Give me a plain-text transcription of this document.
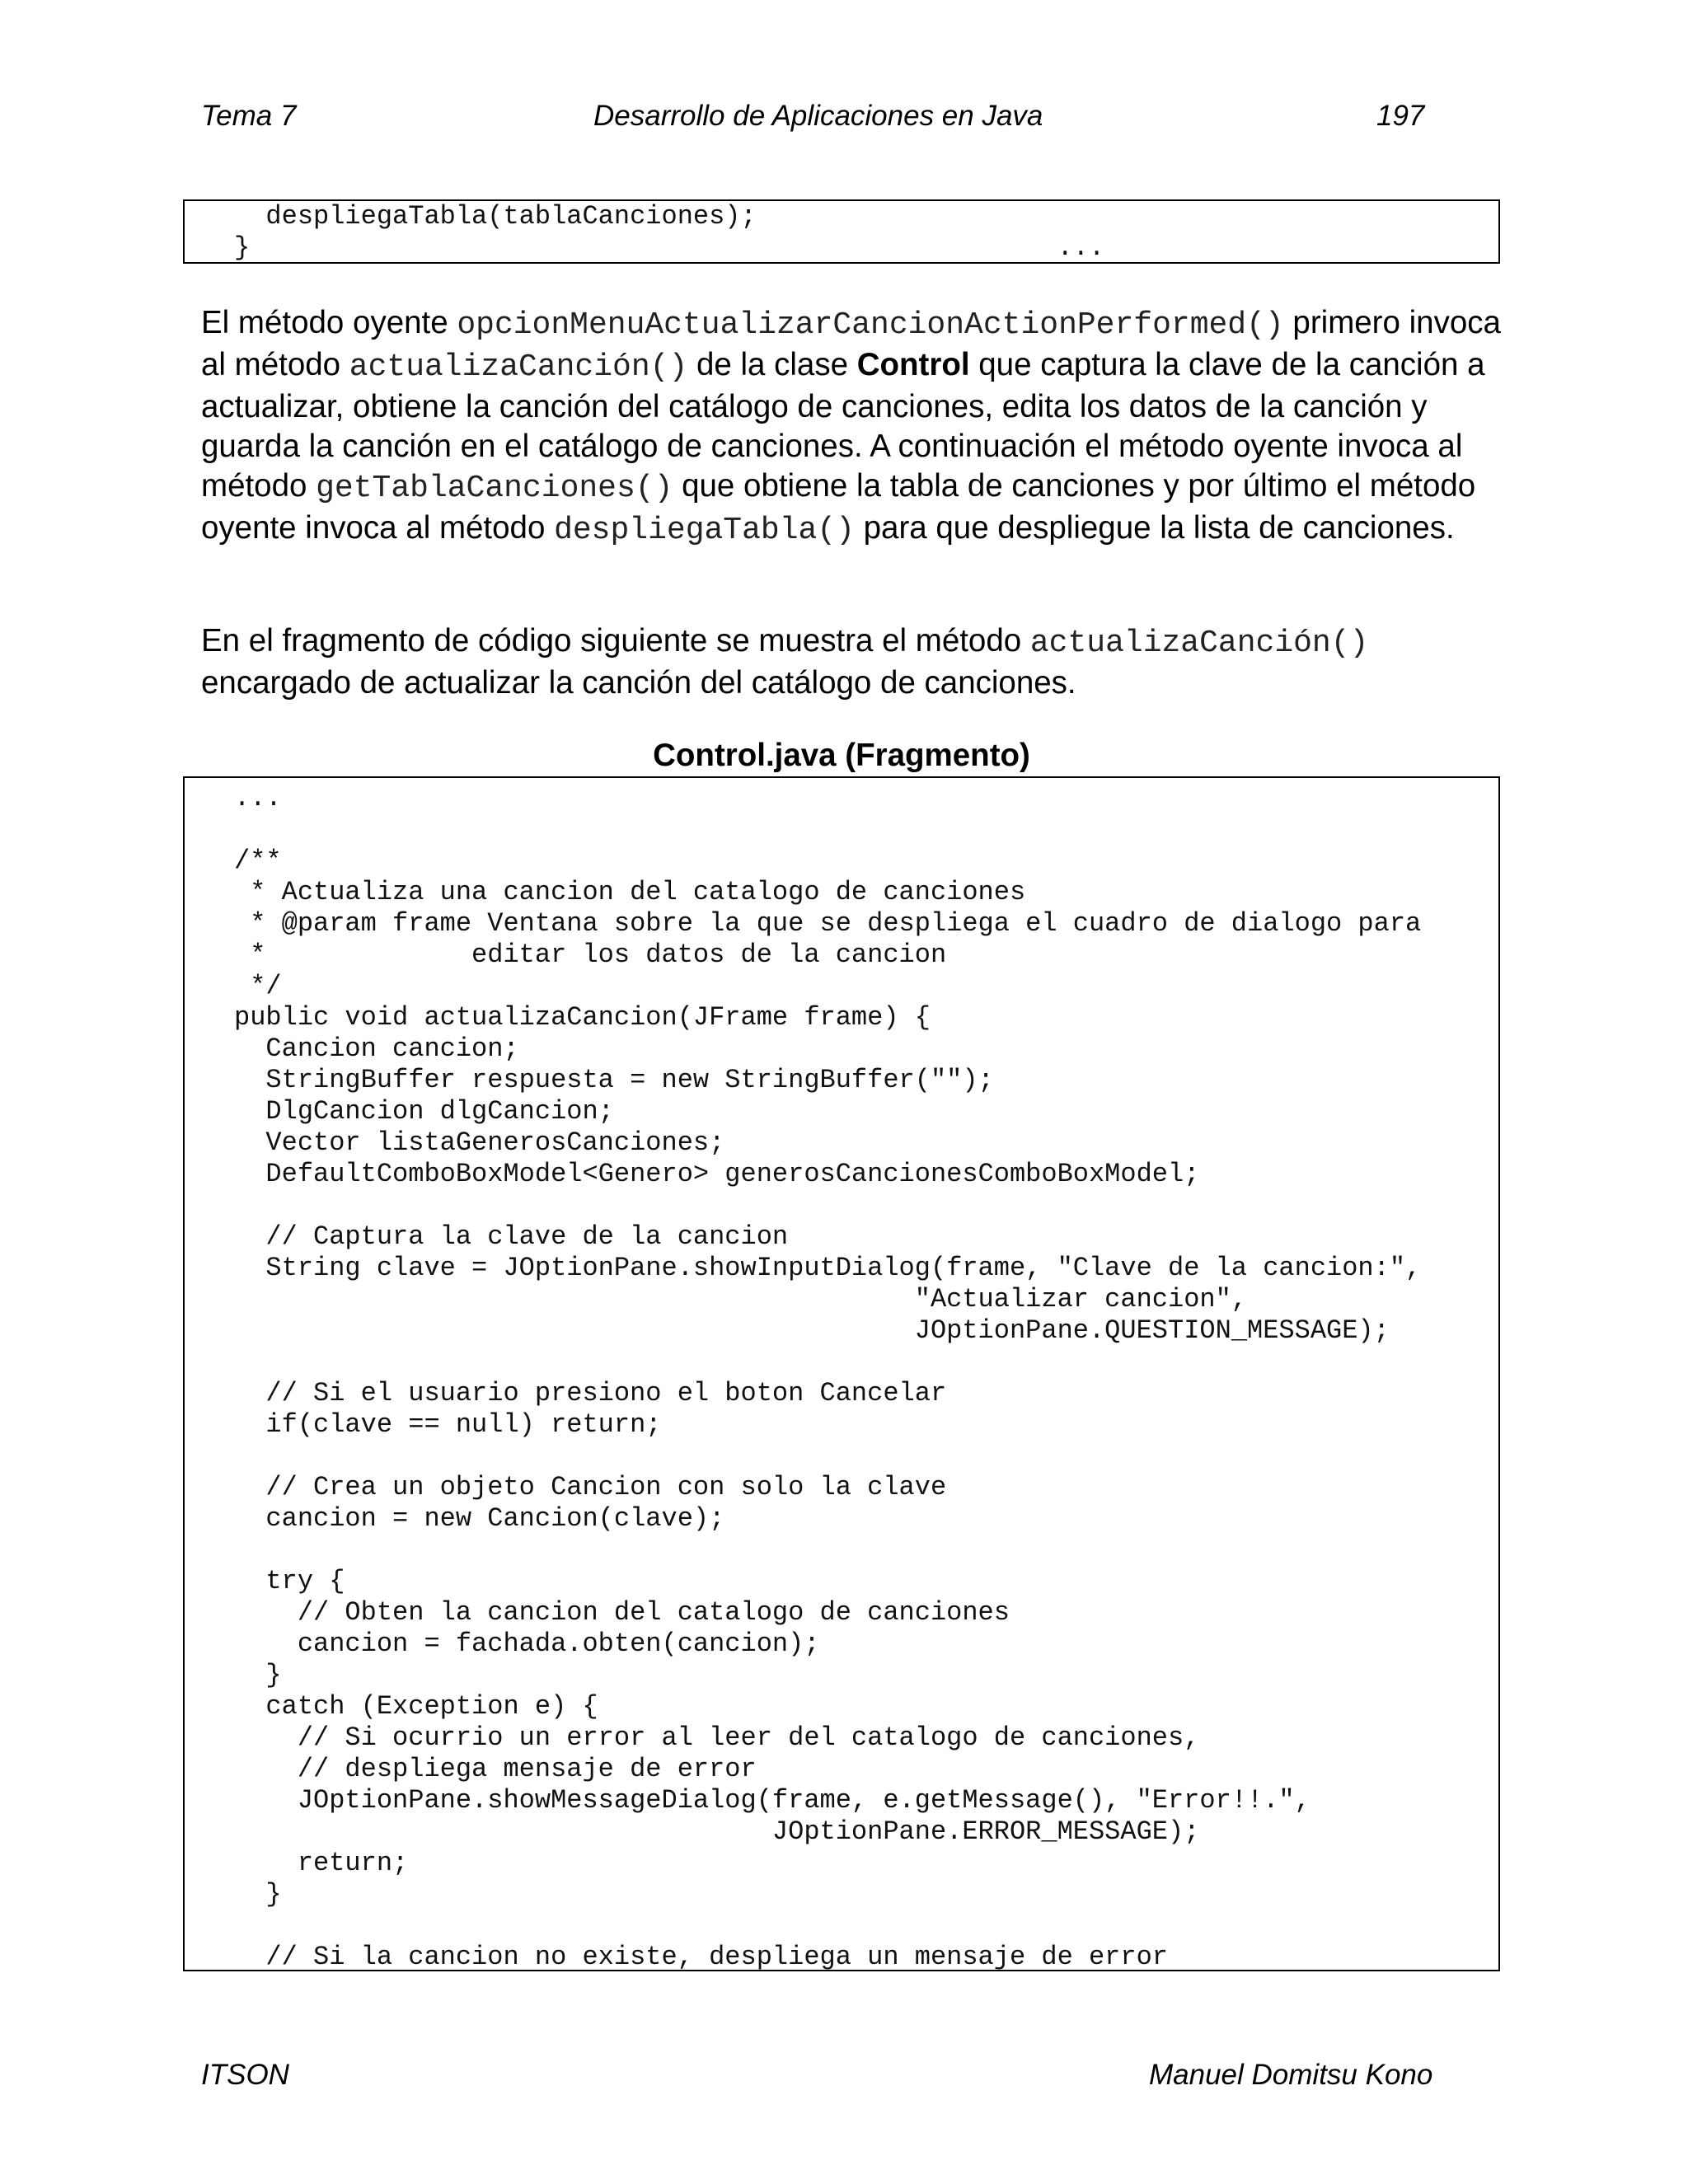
Tema 7	Desarrollo de Aplicaciones en Java	197
despliegaTabla(tablaCanciones);
}                                                   ...

El método oyente opcionMenuActualizarCancionActionPerformed() primero invoca al método actualizaCanción() de la clase Control que captura la clave de la canción a actualizar, obtiene la canción del catálogo de canciones, edita los datos de la canción y guarda la canción en el catálogo de canciones. A continuación el método oyente invoca al método getTablaCanciones() que obtiene la tabla de canciones y por último el método oyente invoca al método despliegaTabla() para que despliegue la lista de canciones.

En el fragmento de código siguiente se muestra el método actualizaCanción() encargado de actualizar la canción del catálogo de canciones.

Control.java (Fragmento)
...

/**
* Actualiza una cancion del catalogo de canciones
* @param frame Ventana sobre la que se despliega el cuadro de dialogo para
*             editar los datos de la cancion
*/
public void actualizaCancion(JFrame frame) {
Cancion cancion;
StringBuffer respuesta = new StringBuffer("");
DlgCancion dlgCancion;
Vector listaGenerosCanciones;
DefaultComboBoxModel<Genero> generosCancionesComboBoxModel;

// Captura la clave de la cancion
String clave = JOptionPane.showInputDialog(frame, "Clave de la cancion:",
"Actualizar cancion",
JOptionPane.QUESTION_MESSAGE);

// Si el usuario presiono el boton Cancelar
if(clave == null) return;

// Crea un objeto Cancion con solo la clave
cancion = new Cancion(clave);

try {
// Obten la cancion del catalogo de canciones
cancion = fachada.obten(cancion);
}
catch (Exception e) {
// Si ocurrio un error al leer del catalogo de canciones,
// despliega mensaje de error
JOptionPane.showMessageDialog(frame, e.getMessage(), "Error!!.",
JOptionPane.ERROR_MESSAGE);
return;
}

// Si la cancion no existe, despliega un mensaje de error
ITSON	Manuel Domitsu Kono
